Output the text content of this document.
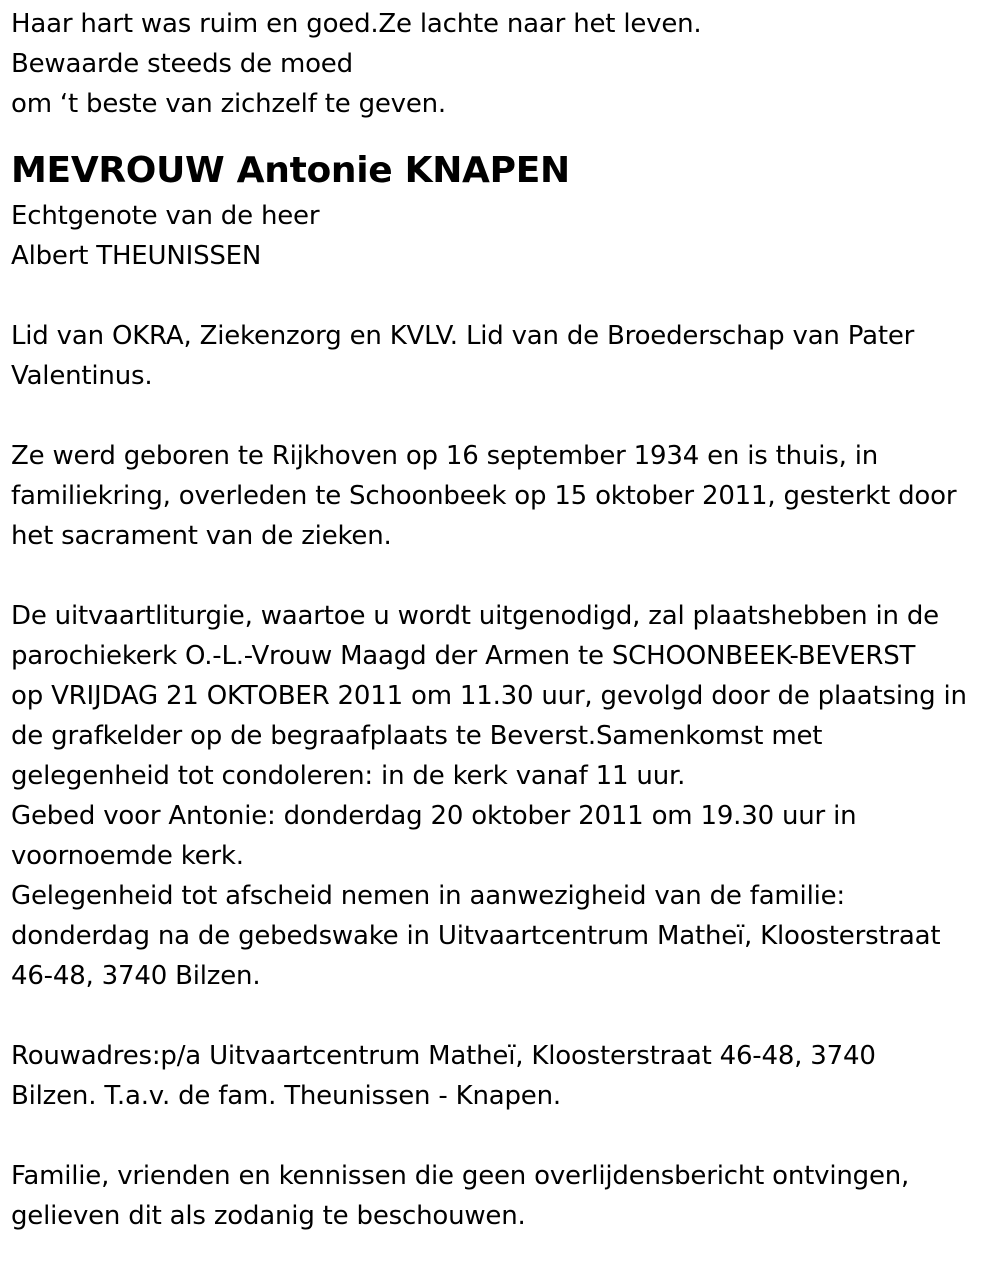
Haar hart was ruim en goed.Ze lachte naar het leven.
Bewaarde steeds de moed
om ‘t beste van zichzelf te geven.
MEVROUW Antonie KNAPEN
Echtgenote van de heer
Albert THEUNISSEN
Lid van OKRA, Ziekenzorg en KVLV. Lid van de Broederschap van Pater
Valentinus.
Ze werd geboren te Rijkhoven op 16 september 1934 en is thuis, in
familiekring, overleden te Schoonbeek op 15 oktober 2011, gesterkt door
het sacrament van de zieken.
De uitvaartliturgie, waartoe u wordt uitgenodigd, zal plaatshebben in de
parochiekerk O.-L.-Vrouw Maagd der Armen te SCHOONBEEK-BEVERST
op VRIJDAG 21 OKTOBER 2011 om 11.30 uur, gevolgd door de plaatsing in
de grafkelder op de begraafplaats te Beverst.Samenkomst met
gelegenheid tot condoleren: in de kerk vanaf 11 uur.
Gebed voor Antonie: donderdag 20 oktober 2011 om 19.30 uur in
voornoemde kerk.
Gelegenheid tot afscheid nemen in aanwezigheid van de familie:
donderdag na de gebedswake in Uitvaartcentrum Matheï, Kloosterstraat
46-48, 3740 Bilzen.
Rouwadres:p/a Uitvaartcentrum Matheï, Kloosterstraat 46-48, 3740
Bilzen. T.a.v. de fam. Theunissen - Knapen.
Familie, vrienden en kennissen die geen overlijdensbericht ontvingen,
gelieven dit als zodanig te beschouwen.
